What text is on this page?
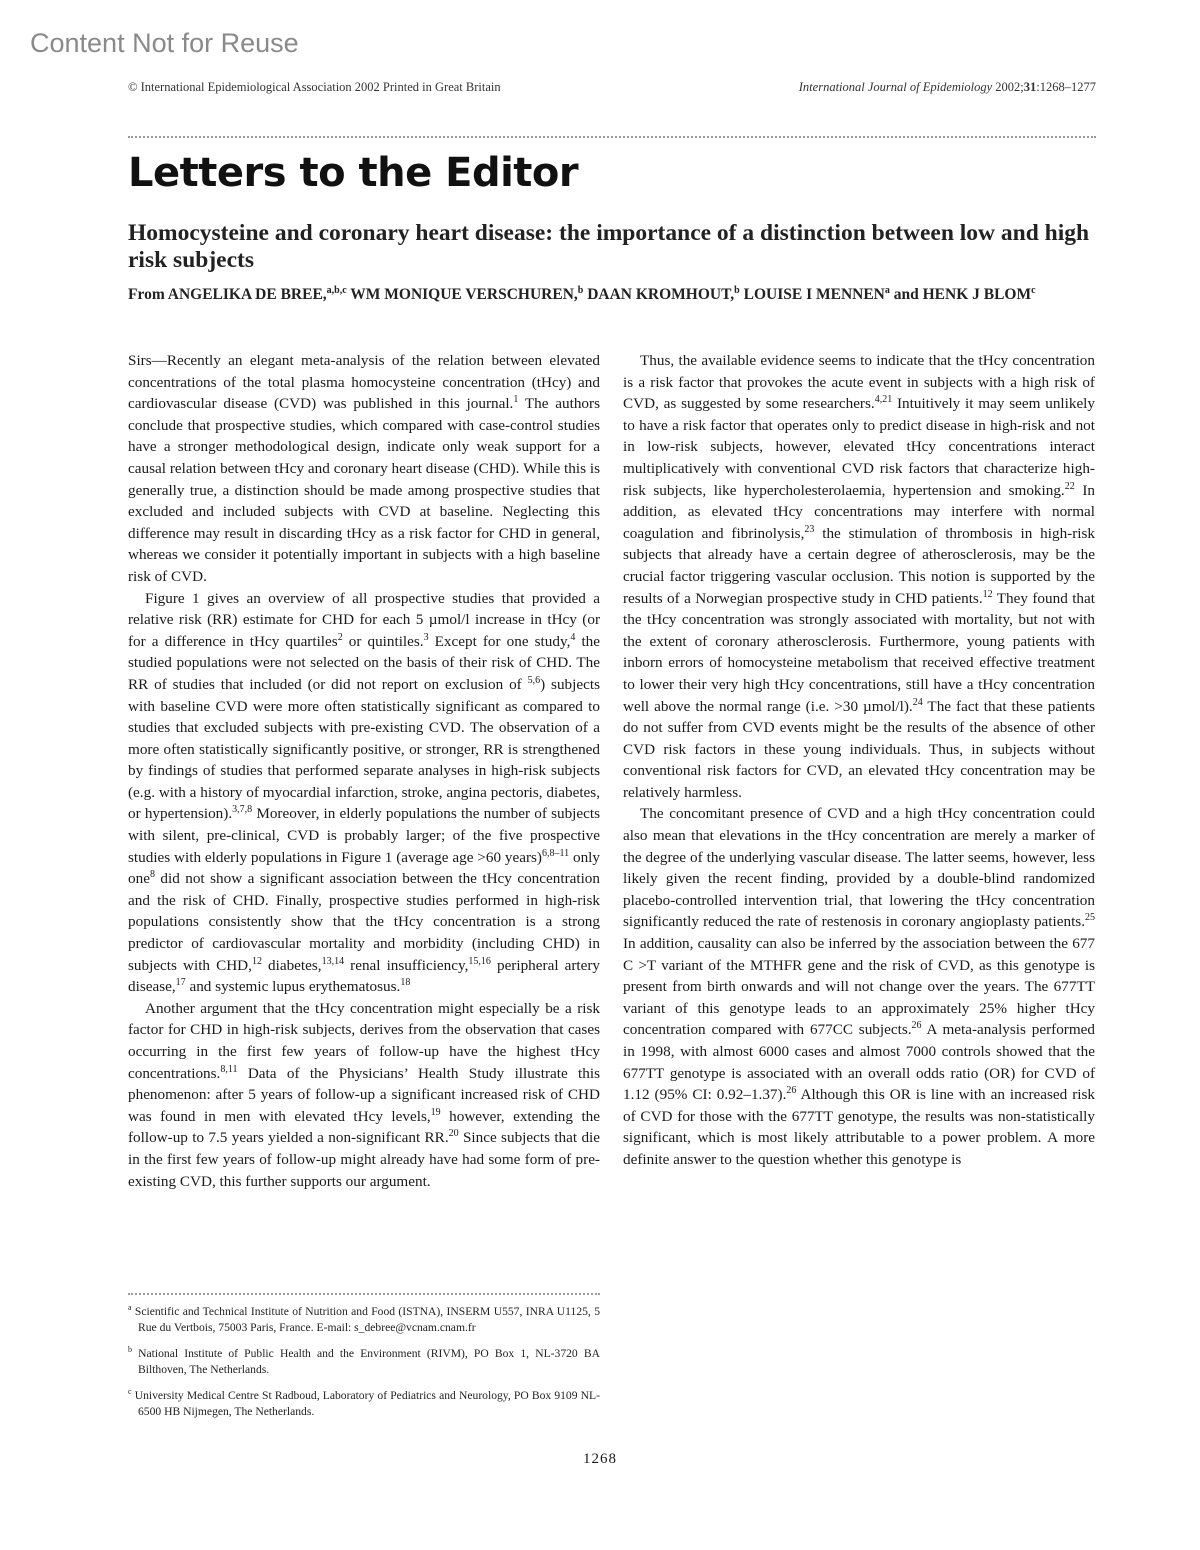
Content Not for Reuse
© International Epidemiological Association 2002 Printed in Great Britain	International Journal of Epidemiology 2002;31:1268–1277
Letters to the Editor
Homocysteine and coronary heart disease: the importance of a distinction between low and high risk subjects
From ANGELIKA DE BREE,$^{a,b,c}$ WM MONIQUE VERSCHUREN,$^b$ DAAN KROMHOUT,$^b$ LOUISE I MENNEN$^a$ and HENK J BLOM$^c$

Sirs—Recently an elegant meta-analysis of the relation between elevated concentrations of the total plasma homocysteine concentration (tHcy) and cardiovascular disease (CVD) was published in this journal.$^1$ The authors conclude that prospective studies, which compared with case-control studies have a stronger methodological design, indicate only weak support for a causal relation between tHcy and coronary heart disease (CHD). While this is generally true, a distinction should be made among prospective studies that excluded and included subjects with CVD at baseline. Neglecting this difference may result in discarding tHcy as a risk factor for CHD in general, whereas we consider it potentially important in subjects with a high baseline risk of CVD.

Figure 1 gives an overview of all prospective studies that provided a relative risk (RR) estimate for CHD for each 5 µmol/l increase in tHcy (or for a difference in tHcy quartiles$^2$ or quintiles.$^3$ Except for one study,$^4$ the studied populations were not selected on the basis of their risk of CHD. The RR of studies that included (or did not report on exclusion of $^{5,6}$) subjects with baseline CVD were more often statistically significant as compared to studies that excluded subjects with pre-existing CVD. The observation of a more often statistically significantly positive, or stronger, RR is strengthened by findings of studies that performed separate analyses in high-risk subjects (e.g. with a history of myocardial infarction, stroke, angina pectoris, diabetes, or hypertension).$^{3,7,8}$ Moreover, in elderly populations the number of subjects with silent, pre-clinical, CVD is probably larger; of the five prospective studies with elderly populations in Figure 1 (average age >60 years)$^{6,8-11}$ only one$^8$ did not show a significant association between the tHcy concentration and the risk of CHD. Finally, prospective studies performed in high-risk populations consistently show that the tHcy concentration is a strong predictor of cardiovascular mortality and morbidity (including CHD) in subjects with CHD,$^{12}$ diabetes,$^{13,14}$ renal insufficiency,$^{15,16}$ peripheral artery disease,$^{17}$ and systemic lupus erythematosus.$^{18}$

Another argument that the tHcy concentration might especially be a risk factor for CHD in high-risk subjects, derives from the observation that cases occurring in the first few years of follow-up have the highest tHcy concentrations.$^{8,11}$ Data of the Physicians’ Health Study illustrate this phenomenon: after 5 years of follow-up a significant increased risk of CHD was found in men with elevated tHcy levels,$^{19}$ however, extending the follow-up to 7.5 years yielded a non-significant RR.$^{20}$ Since subjects that die in the first few years of follow-up might already have had some form of pre-existing CVD, this further supports our argument.

Thus, the available evidence seems to indicate that the tHcy concentration is a risk factor that provokes the acute event in subjects with a high risk of CVD, as suggested by some researchers.$^{4,21}$ Intuitively it may seem unlikely to have a risk factor that operates only to predict disease in high-risk and not in low-risk subjects, however, elevated tHcy concentrations interact multiplicatively with conventional CVD risk factors that characterize high-risk subjects, like hypercholesterolaemia, hypertension and smoking.$^{22}$ In addition, as elevated tHcy concentrations may interfere with normal coagulation and fibrinolysis,$^{23}$ the stimulation of thrombosis in high-risk subjects that already have a certain degree of atherosclerosis, may be the crucial factor triggering vascular occlusion. This notion is supported by the results of a Norwegian prospective study in CHD patients.$^{12}$ They found that the tHcy concentration was strongly associated with mortality, but not with the extent of coronary atherosclerosis. Furthermore, young patients with inborn errors of homocysteine metabolism that received effective treatment to lower their very high tHcy concentrations, still have a tHcy concentration well above the normal range (i.e. >30 µmol/l).$^{24}$ The fact that these patients do not suffer from CVD events might be the results of the absence of other CVD risk factors in these young individuals. Thus, in subjects without conventional risk factors for CVD, an elevated tHcy concentration may be relatively harmless.

The concomitant presence of CVD and a high tHcy concentration could also mean that elevations in the tHcy concentration are merely a marker of the degree of the underlying vascular disease. The latter seems, however, less likely given the recent finding, provided by a double-blind randomized placebo-controlled intervention trial, that lowering the tHcy concentration significantly reduced the rate of restenosis in coronary angioplasty patients.$^{25}$ In addition, causality can also be inferred by the association between the 677 C >T variant of the MTHFR gene and the risk of CVD, as this genotype is present from birth onwards and will not change over the years. The 677TT variant of this genotype leads to an approximately 25% higher tHcy concentration compared with 677CC subjects.$^{26}$ A meta-analysis performed in 1998, with almost 6000 cases and almost 7000 controls showed that the 677TT genotype is associated with an overall odds ratio (OR) for CVD of 1.12 (95% CI: 0.92–1.37).$^{26}$ Although this OR is line with an increased risk of CVD for those with the 677TT genotype, the results was non-statistically significant, which is most likely attributable to a power problem. A more definite answer to the question whether this genotype is

$^a$ Scientific and Technical Institute of Nutrition and Food (ISTNA), INSERM U557, INRA U1125, 5 Rue du Vertbois, 75003 Paris, France. E-mail: s_debree@vcnam.cnam.fr

$^b$ National Institute of Public Health and the Environment (RIVM), PO Box 1, NL-3720 BA Bilthoven, The Netherlands.

$^c$ University Medical Centre St Radboud, Laboratory of Pediatrics and Neurology, PO Box 9109 NL-6500 HB Nijmegen, The Netherlands.

1268
